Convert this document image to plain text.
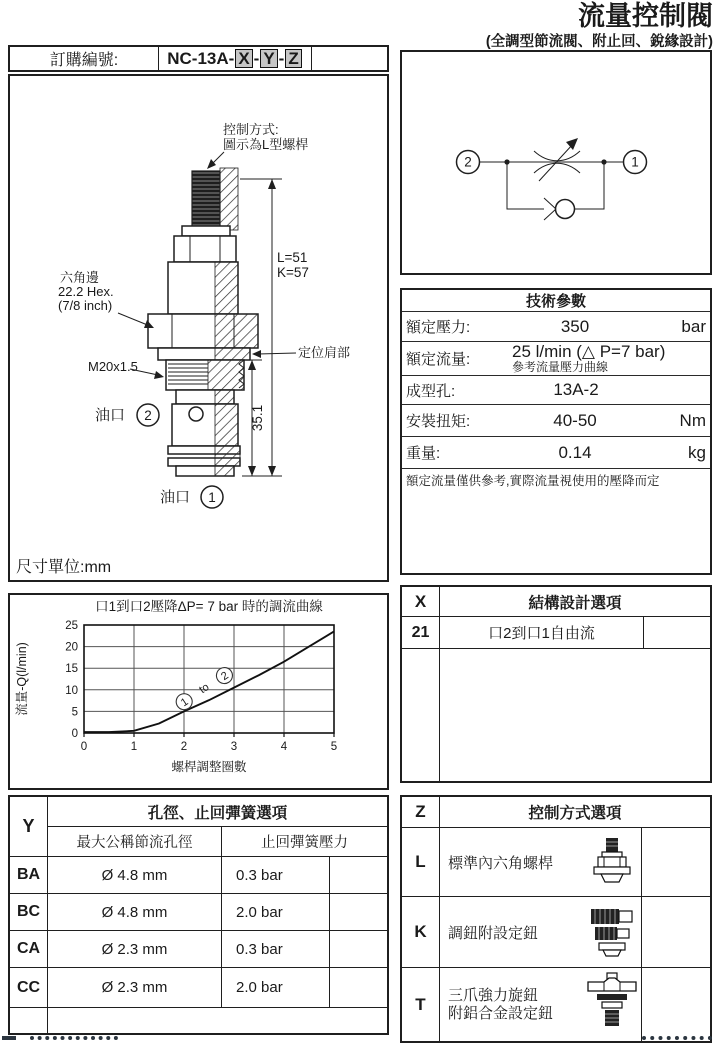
流量控制閥
(全調型節流閥、附止回、銳緣設計)
訂購編號:	NC-13A- X - Y - Z
控制方式:
圖示為L型螺桿
L=51
K=57
六角邊
22.2 Hex.
(7/8 inch)
定位肩部
M20x1.5
油口 2	35.1
油口 1
尺寸單位:mm
2	1
技術參數
額定壓力:	350	bar
額定流量:	25 l/min (△ P=7 bar)
參考流量壓力曲線
成型孔:	13A-2
安裝扭矩:	40-50	Nm
重量:	0.14	kg
額定流量僅供參考,實際流量視使用的壓降而定
0	1	2	3	4	5
0
5
10
15
20
25
口1到口2壓降ΔP= 7 bar 時的調流曲線
螺桿調整圈數
流量-Q(l/min)	1
to
2
X	結構設計選項
21	口2到口1自由流
Y
孔徑、止回彈簧選項
最大公稱節流孔徑	止回彈簧壓力
BA	Ø 4.8 mm	0.3 bar
BC	Ø 4.8 mm	2.0 bar
CA	Ø 2.3 mm	0.3 bar
CC	Ø 2.3 mm	2.0 bar
Z	控制方式選項
L	標準內六角螺桿
K	調鈕附設定鈕
T	三爪強力旋鈕
附鋁合金設定鈕
